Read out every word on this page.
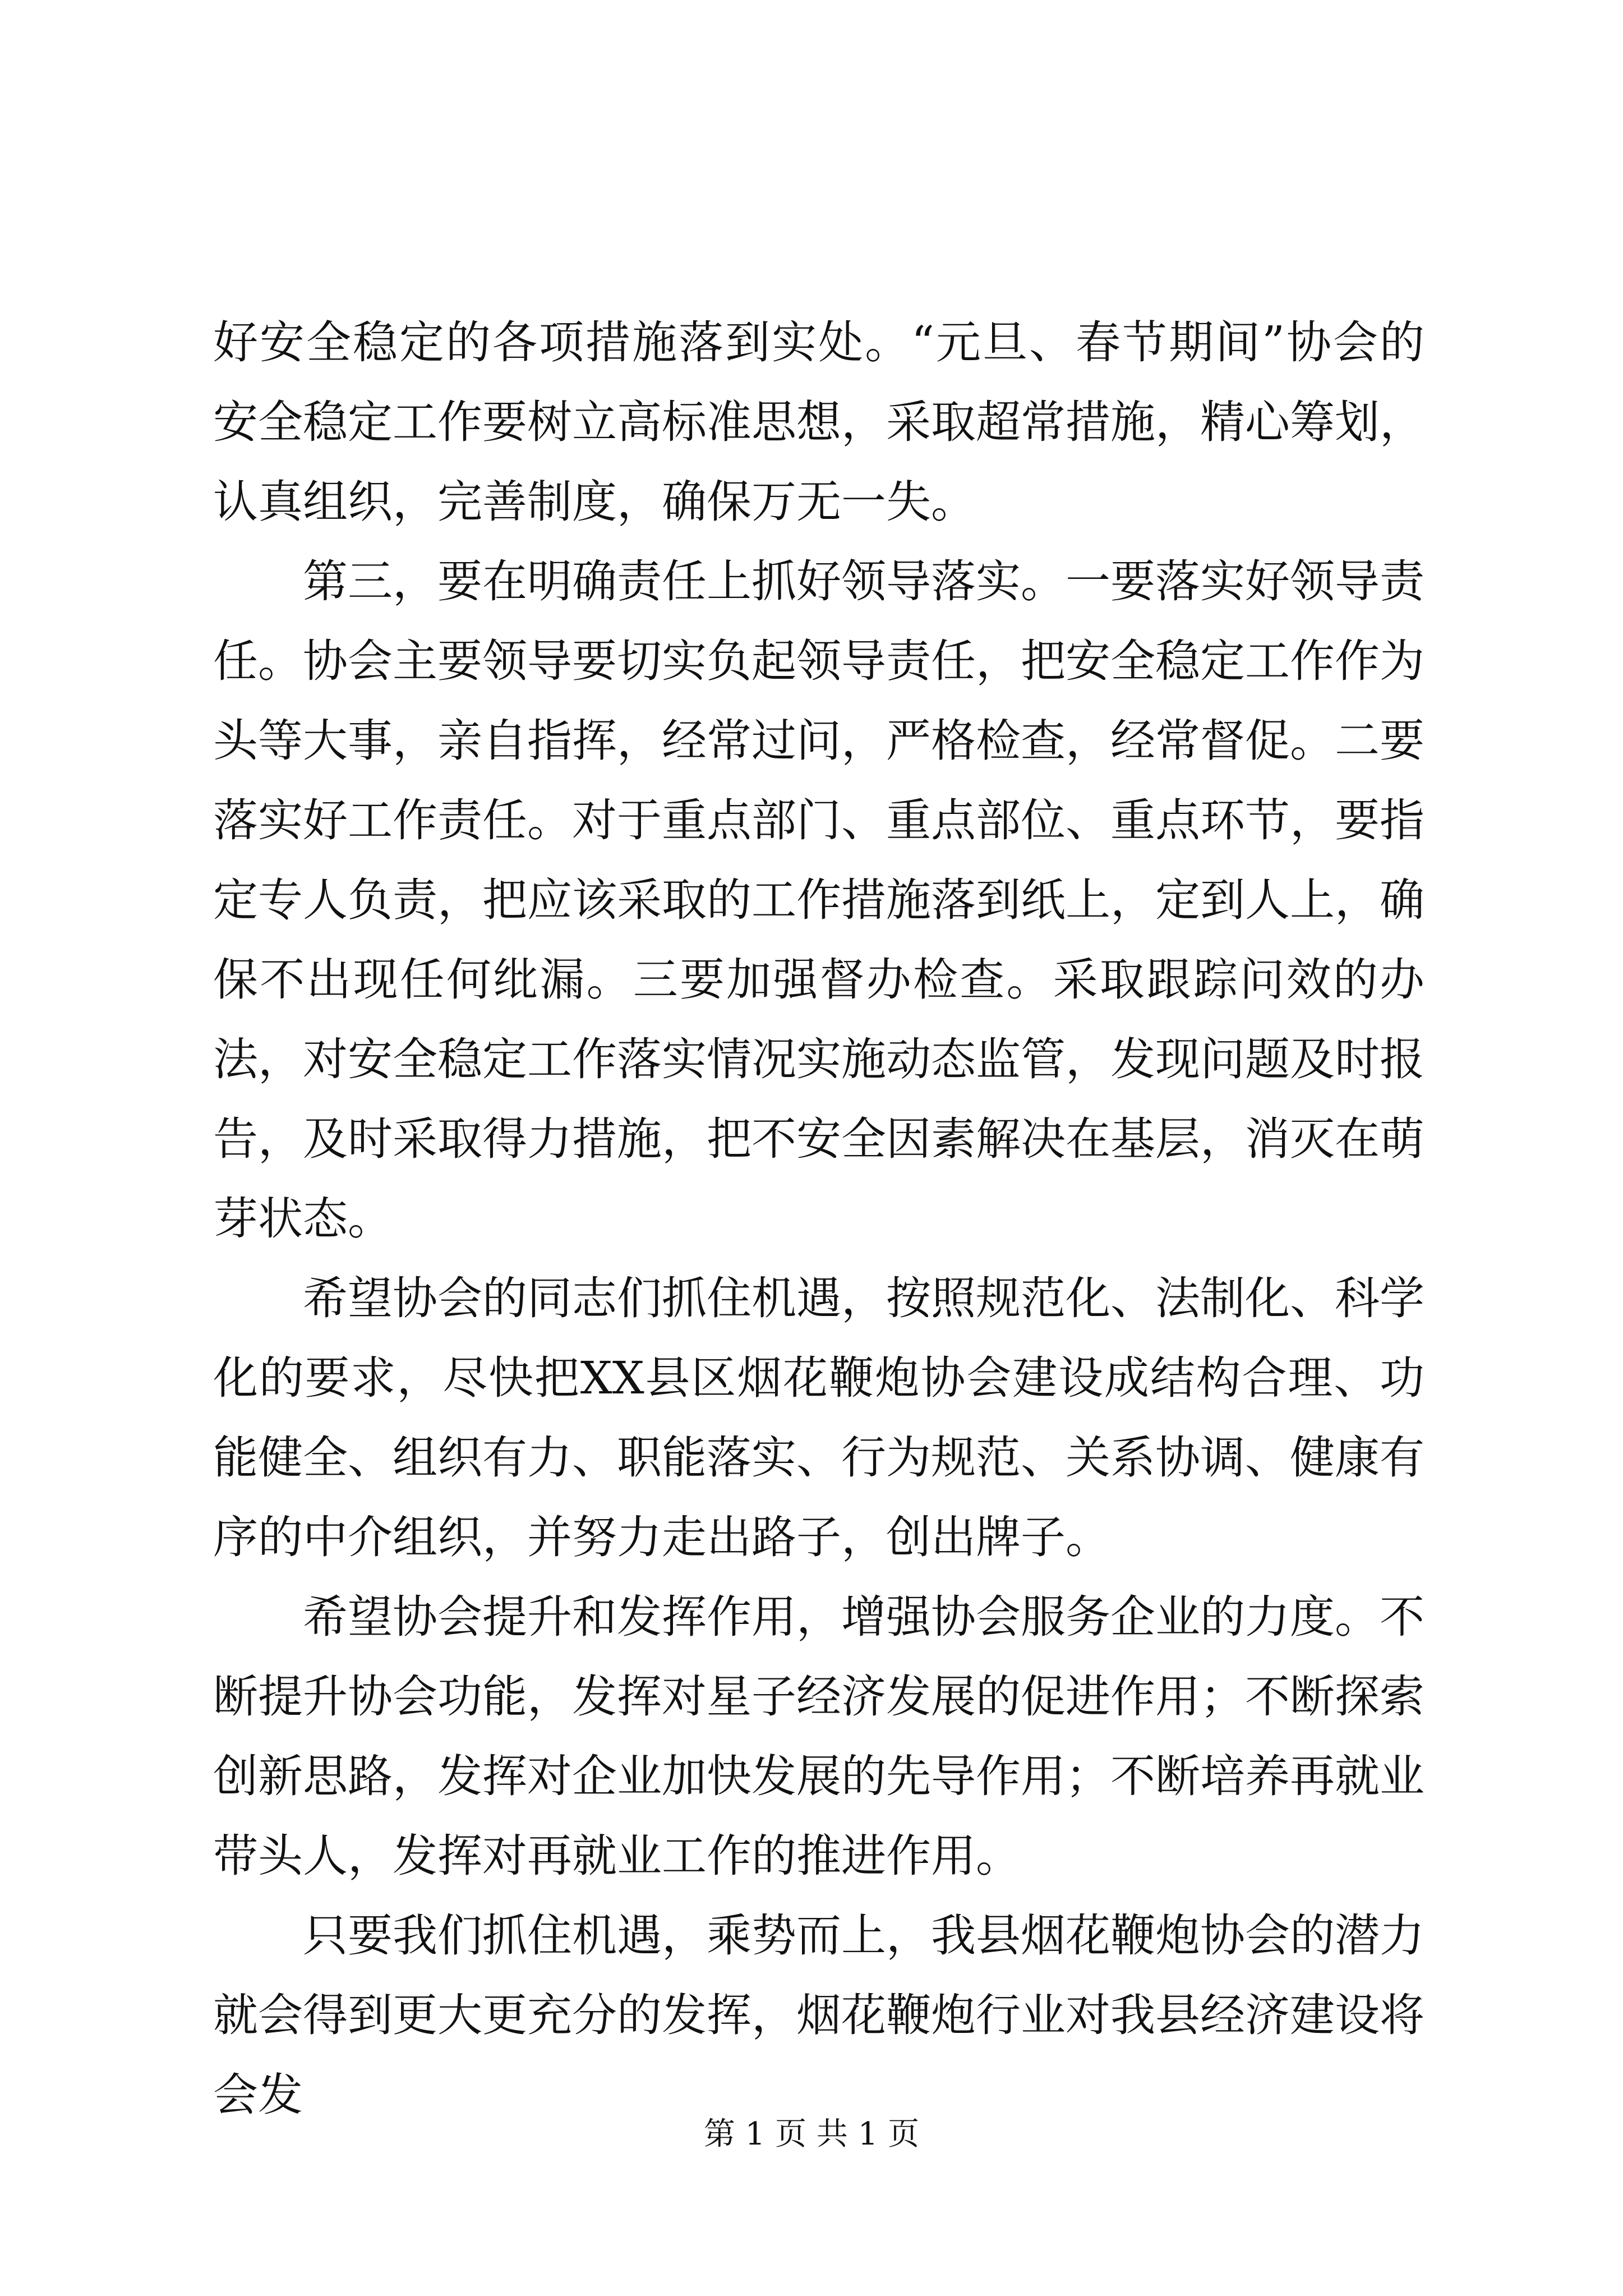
好安全稳定的各项措施落到实处。“元旦、春节期间”协会的安全稳定工作要树立高标准思想，采取超常措施，精心筹划，认真组织，完善制度，确保万无一失。

第三，要在明确责任上抓好领导落实。一要落实好领导责任。协会主要领导要切实负起领导责任，把安全稳定工作作为头等大事，亲自指挥，经常过问，严格检查，经常督促。二要落实好工作责任。对于重点部门、重点部位、重点环节，要指定专人负责，把应该采取的工作措施落到纸上，定到人上，确保不出现任何纰漏。三要加强督办检查。采取跟踪问效的办法，对安全稳定工作落实情况实施动态监管，发现问题及时报告，及时采取得力措施，把不安全因素解决在基层，消灭在萌芽状态。

希望协会的同志们抓住机遇，按照规范化、法制化、科学化的要求，尽快把XX县区烟花鞭炮协会建设成结构合理、功能健全、组织有力、职能落实、行为规范、关系协调、健康有序的中介组织，并努力走出路子，创出牌子。

希望协会提升和发挥作用，增强协会服务企业的力度。不断提升协会功能，发挥对星子经济发展的促进作用；不断探索创新思路，发挥对企业加快发展的先导作用；不断培养再就业带头人，发挥对再就业工作的推进作用。

只要我们抓住机遇，乘势而上，我县烟花鞭炮协会的潜力就会得到更大更充分的发挥，烟花鞭炮行业对我县经济建设将会发

第 1 页 共 1 页
